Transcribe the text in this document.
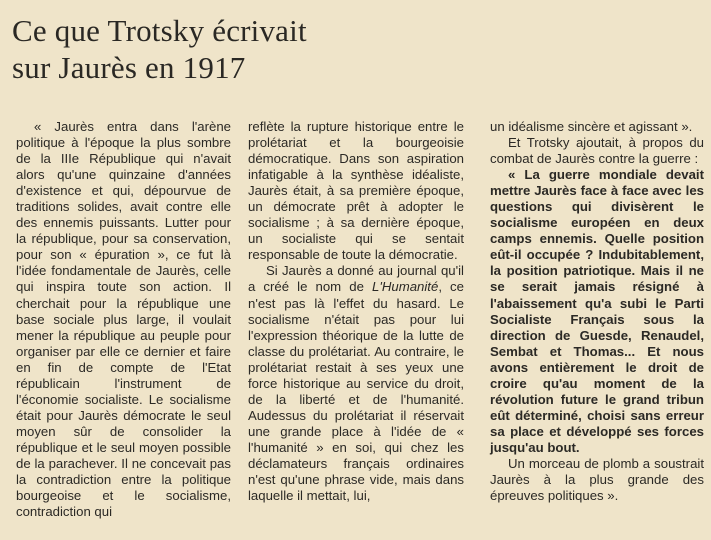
Ce que Trotsky écrivait
sur Jaurès en 1917

« Jaurès entra dans l'arène politique à l'époque la plus sombre de la IIIe République qui n'avait alors qu'une quinzaine d'années d'existence et qui, dépourvue de traditions solides, avait contre elle des ennemis puissants. Lutter pour la république, pour sa conservation, pour son « épuration », ce fut là l'idée fondamentale de Jaurès, celle qui inspira toute son action. Il cherchait pour la république une base sociale plus large, il voulait mener la république au peuple pour organiser par elle ce dernier et faire en fin de compte de l'Etat républicain l'instrument de l'économie socialiste. Le socialisme était pour Jaurès démocrate le seul moyen sûr de consolider la république et le seul moyen possible de la parachever. Il ne concevait pas la contradiction entre la politique bourgeoise et le socialisme, contradiction qui

reflète la rupture historique entre le prolétariat et la bourgeoisie démocratique. Dans son aspiration infatigable à la synthèse idéaliste, Jaurès était, à sa première époque, un démocrate prêt à adopter le socialisme ; à sa dernière époque, un socialiste qui se sentait responsable de toute la démocratie.

Si Jaurès a donné au journal qu'il a créé le nom de L'Humanité, ce n'est pas là l'effet du hasard. Le socialisme n'était pas pour lui l'expression théorique de la lutte de classe du prolétariat. Au contraire, le prolétariat restait à ses yeux une force historique au service du droit, de la liberté et de l'humanité. Audessus du prolétariat il réservait une grande place à l'idée de « l'humanité » en soi, qui chez les déclamateurs français ordinaires n'est qu'une phrase vide, mais dans laquelle il mettait, lui,

un idéalisme sincère et agissant ».

Et Trotsky ajoutait, à propos du combat de Jaurès contre la guerre :

« La guerre mondiale devait mettre Jaurès face à face avec les questions qui divisèrent le socialisme européen en deux camps ennemis. Quelle position eût-il occupée ? Indubitablement, la position patriotique. Mais il ne se serait jamais résigné à l'abaissement qu'a subi le Parti Socialiste Français sous la direction de Guesde, Renaudel, Sembat et Thomas... Et nous avons entièrement le droit de croire qu'au moment de la révolution future le grand tribun eût déterminé, choisi sans erreur sa place et développé ses forces jusqu'au bout.

Un morceau de plomb a soustrait Jaurès à la plus grande des épreuves politiques ».
